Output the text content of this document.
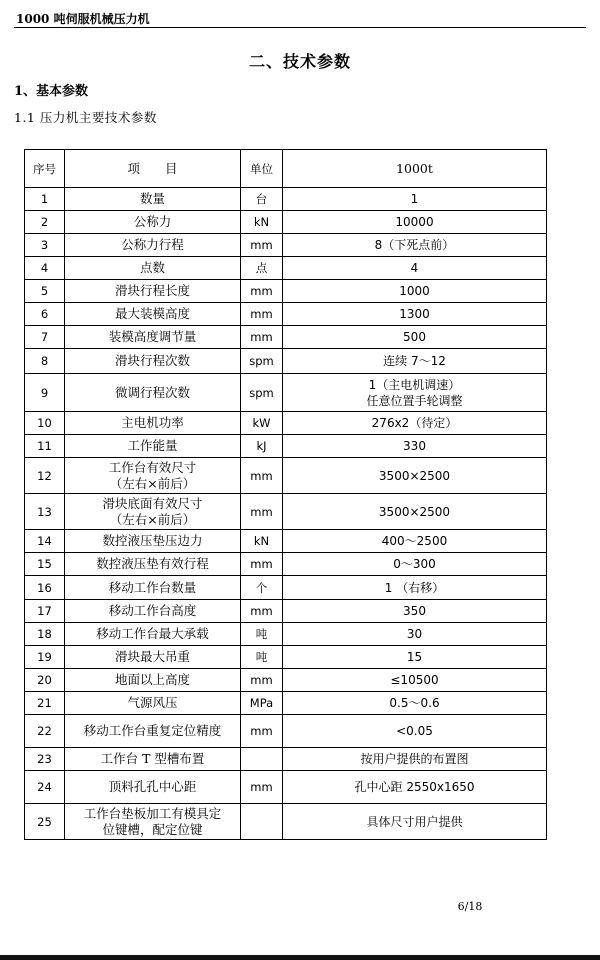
1000 吨伺服机械压力机
二、技术参数
1、基本参数
1.1 压力机主要技术参数
序号	项　　目	单位	1000t
1	数量	台	1
2	公称力	kN	10000
3	公称力行程	mm	8（下死点前）
4	点数	点	4
5	滑块行程长度	mm	1000
6	最大装模高度	mm	1300
7	装模高度调节量	mm	500
8	滑块行程次数	spm	连续 7～12
9	微调行程次数	spm	1（主电机调速）
任意位置手轮调整
10	主电机功率	kW	276x2（待定）
11	工作能量	kJ	330
12	工作台有效尺寸
（左右×前后）	mm	3500×2500
13	滑块底面有效尺寸
（左右×前后）	mm	3500×2500
14	数控液压垫压边力	kN	400～2500
15	数控液压垫有效行程	mm	0～300
16	移动工作台数量	个	1 （右移）
17	移动工作台高度	mm	350
18	移动工作台最大承载	吨	30
19	滑块最大吊重	吨	15
20	地面以上高度	mm	≤10500
21	气源风压	MPa	0.5～0.6
22	移动工作台重复定位精度	mm	<0.05
23	工作台 T 型槽布置		按用户提供的布置图
24	顶料孔孔中心距	mm	孔中心距 2550x1650
25	工作台垫板加工有模具定
位键槽，配定位键		具体尺寸用户提供
6/18
